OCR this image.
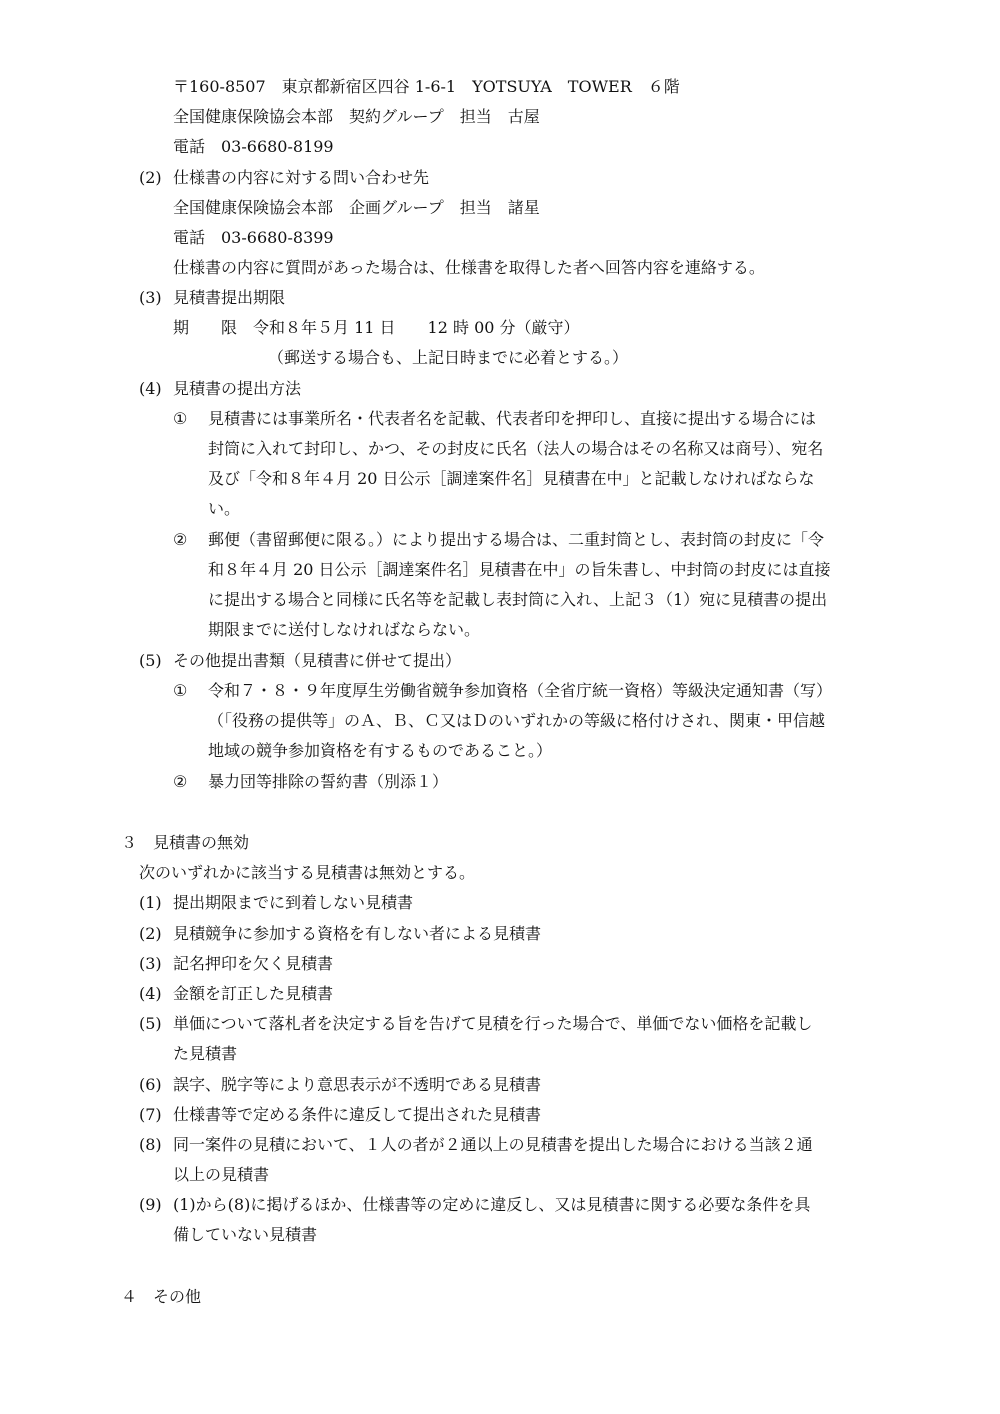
〒160-8507　東京都新宿区四谷 1-6-1　YOTSUYA　TOWER　６階
全国健康保険協会本部　契約グループ　担当　古屋
電話　03-6680-8199
(2) 仕様書の内容に対する問い合わせ先
全国健康保険協会本部　企画グループ　担当　諸星
電話　03-6680-8399
仕様書の内容に質問があった場合は、仕様書を取得した者へ回答内容を連絡する。
(3) 見積書提出期限
期　　限　令和８年５月 11 日　　12 時 00 分（厳守）
（郵送する場合も、上記日時までに必着とする。）
(4) 見積書の提出方法
① 見積書には事業所名・代表者名を記載、代表者印を押印し、直接に提出する場合には
封筒に入れて封印し、かつ、その封皮に氏名（法人の場合はその名称又は商号）、宛名
及び「令和８年４月 20 日公示［調達案件名］見積書在中」と記載しなければならな
い。
② 郵便（書留郵便に限る。）により提出する場合は、二重封筒とし、表封筒の封皮に「令
和８年４月 20 日公示［調達案件名］見積書在中」の旨朱書し、中封筒の封皮には直接
に提出する場合と同様に氏名等を記載し表封筒に入れ、上記３（1）宛に見積書の提出
期限までに送付しなければならない。
(5) その他提出書類（見積書に併せて提出）
① 令和７・８・９年度厚生労働省競争参加資格（全省庁統一資格）等級決定通知書（写）
（「役務の提供等」のＡ、Ｂ、Ｃ又はＤのいずれかの等級に格付けされ、関東・甲信越
地域の競争参加資格を有するものであること。）
② 暴力団等排除の誓約書（別添１）
３　見積書の無効
次のいずれかに該当する見積書は無効とする。
(1) 提出期限までに到着しない見積書
(2) 見積競争に参加する資格を有しない者による見積書
(3) 記名押印を欠く見積書
(4) 金額を訂正した見積書
(5) 単価について落札者を決定する旨を告げて見積を行った場合で、単価でない価格を記載し
た見積書
(6) 誤字、脱字等により意思表示が不透明である見積書
(7) 仕様書等で定める条件に違反して提出された見積書
(8) 同一案件の見積において、１人の者が２通以上の見積書を提出した場合における当該２通
以上の見積書
(9) (1)から(8)に掲げるほか、仕様書等の定めに違反し、又は見積書に関する必要な条件を具
備していない見積書
４　その他
